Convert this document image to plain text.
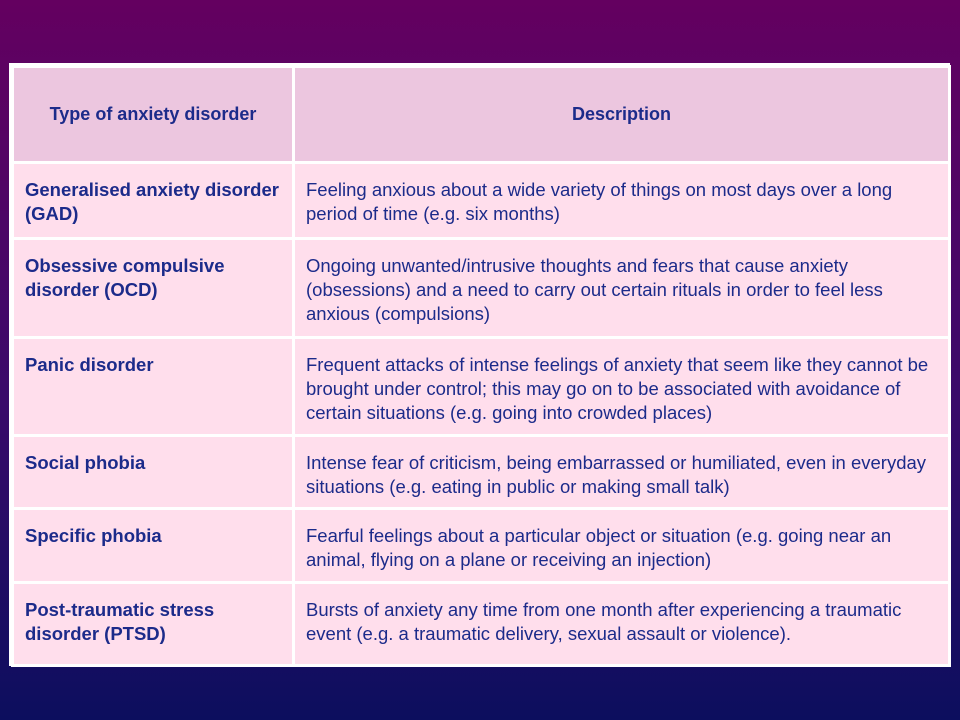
Type of anxiety disorder	Description
Generalised anxiety disorder (GAD)	Feeling anxious about a wide variety of things on most days over a long period of time (e.g. six months)
Obsessive compulsive disorder (OCD)	Ongoing unwanted/intrusive thoughts and fears that cause anxiety (obsessions) and a need to carry out certain rituals in order to feel less anxious (compulsions)
Panic disorder	Frequent attacks of intense feelings of anxiety that seem like they cannot be brought under control; this may go on to be associated with avoidance of certain situations (e.g. going into crowded places)
Social phobia	Intense fear of criticism, being embarrassed or humiliated, even in everyday situations (e.g. eating in public or making small talk)
Specific phobia	Fearful feelings about a particular object or situation (e.g. going near an animal, flying on a plane or receiving an injection)
Post-traumatic stress disorder (PTSD)	Bursts of anxiety any time from one month after experiencing a traumatic event (e.g. a traumatic delivery, sexual assault or violence).
